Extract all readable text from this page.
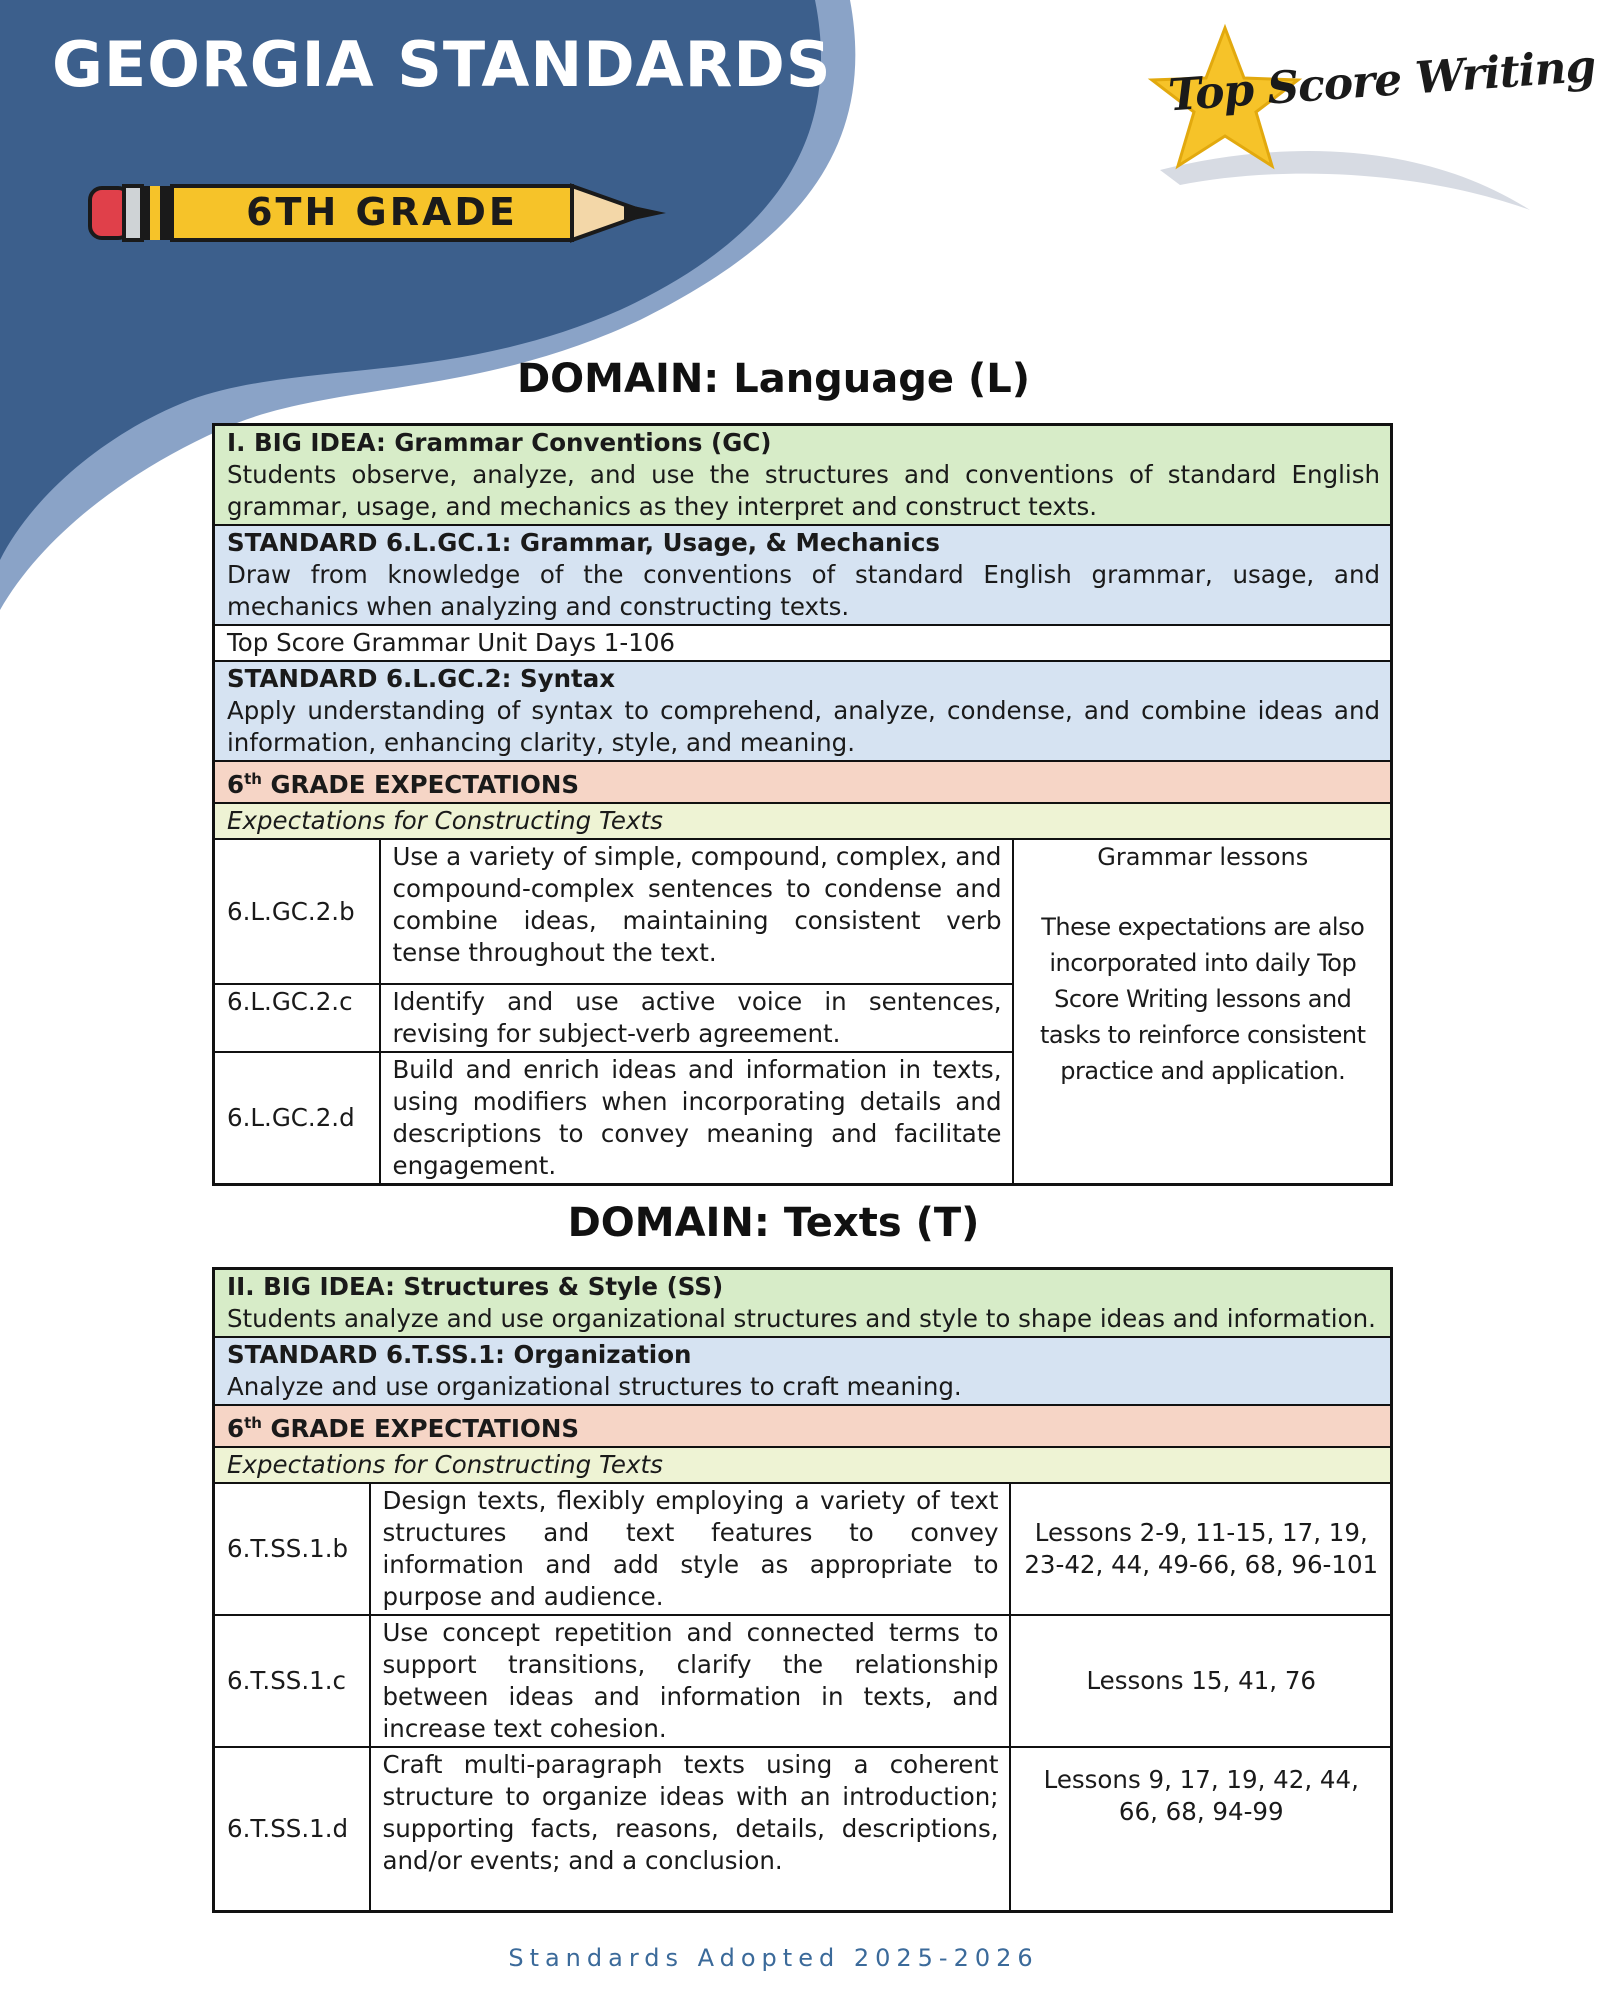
GEORGIA STANDARDS
6TH GRADE
Top Score Writing
DOMAIN: Language (L)
I. BIG IDEA: Grammar Conventions (GC)
Students observe, analyze, and use the structures and conventions of standard English grammar, usage, and mechanics as they interpret and construct texts.		

STANDARD 6.L.GC.1: Grammar, Usage, & Mechanics
Draw from knowledge of the conventions of standard English grammar, usage, and mechanics when analyzing and constructing texts.		

Top Score Grammar Unit Days 1-106		

STANDARD 6.L.GC.2: Syntax
Apply understanding of syntax to comprehend, analyze, condense, and combine ideas and information, enhancing clarity, style, and meaning.		

6th GRADE EXPECTATIONS		
Expectations for Constructing Texts		
6.L.GC.2.b	Use a variety of simple, compound, complex, and compound-complex sentences to condense and combine ideas, maintaining consistent verb tense throughout the text.	Grammar lessons
These expectations are also incorporated into daily Top Score Writing lessons and tasks to reinforce consistent practice and application.

6.L.GC.2.c	Identify and use active voice in sentences, revising for subject-verb agreement.	
6.L.GC.2.d	Build and enrich ideas and information in texts, using modifiers when incorporating details and descriptions to convey meaning and facilitate engagement.	
DOMAIN: Texts (T)
II. BIG IDEA: Structures & Style (SS)
Students analyze and use organizational structures and style to shape ideas and information.		

STANDARD 6.T.SS.1: Organization
Analyze and use organizational structures to craft meaning.		

6th GRADE EXPECTATIONS		
Expectations for Constructing Texts		
6.T.SS.1.b	Design texts, flexibly employing a variety of text structures and text features to convey information and add style as appropriate to purpose and audience.	Lessons 2-9, 11-15, 17, 19, 23-42, 44, 49-66, 68, 96-101
6.T.SS.1.c	Use concept repetition and connected terms to support transitions, clarify the relationship between ideas and information in texts, and increase text cohesion.	Lessons 15, 41, 76
6.T.SS.1.d	Craft multi-paragraph texts using a coherent structure to organize ideas with an introduction; supporting facts, reasons, details, descriptions, and/or events; and a conclusion.	Lessons 9, 17, 19, 42, 44, 66, 68, 94-99
Standards Adopted 2025-2026
